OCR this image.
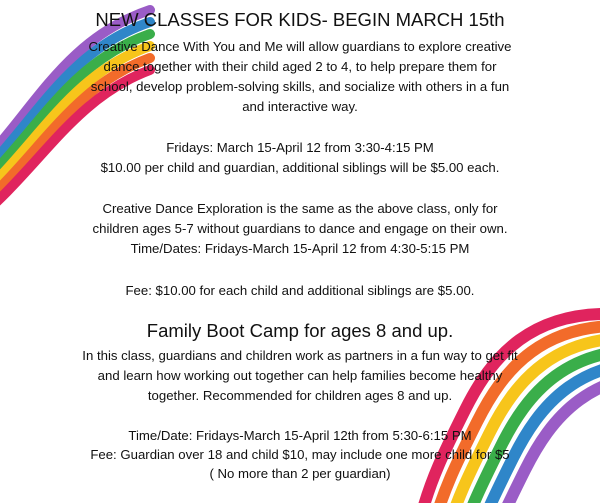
NEW CLASSES FOR KIDS- BEGIN MARCH 15th
Creative Dance With You and Me will allow guardians to explore creative
dance together with their child aged 2 to 4, to help prepare them for
school, develop problem-solving skills, and socialize with others in a fun
and interactive way.
Fridays: March 15-April 12 from 3:30-4:15 PM
$10.00 per child and guardian, additional siblings will be $5.00 each.
Creative Dance Exploration is the same as the above class, only for
children ages 5-7 without guardians to dance and engage on their own.
Time/Dates: Fridays-March 15-April 12 from 4:30-5:15 PM
Fee: $10.00 for each child and additional siblings are $5.00.
Family Boot Camp for ages 8 and up.
In this class, guardians and children work as partners in a fun way to get fit
and learn how working out together can help families become healthy
together. Recommended for children ages 8 and up.
Time/Date: Fridays-March 15-April 12th from 5:30-6:15 PM
Fee: Guardian over 18 and child $10, may include one more child for $5
( No more than 2 per guardian)
